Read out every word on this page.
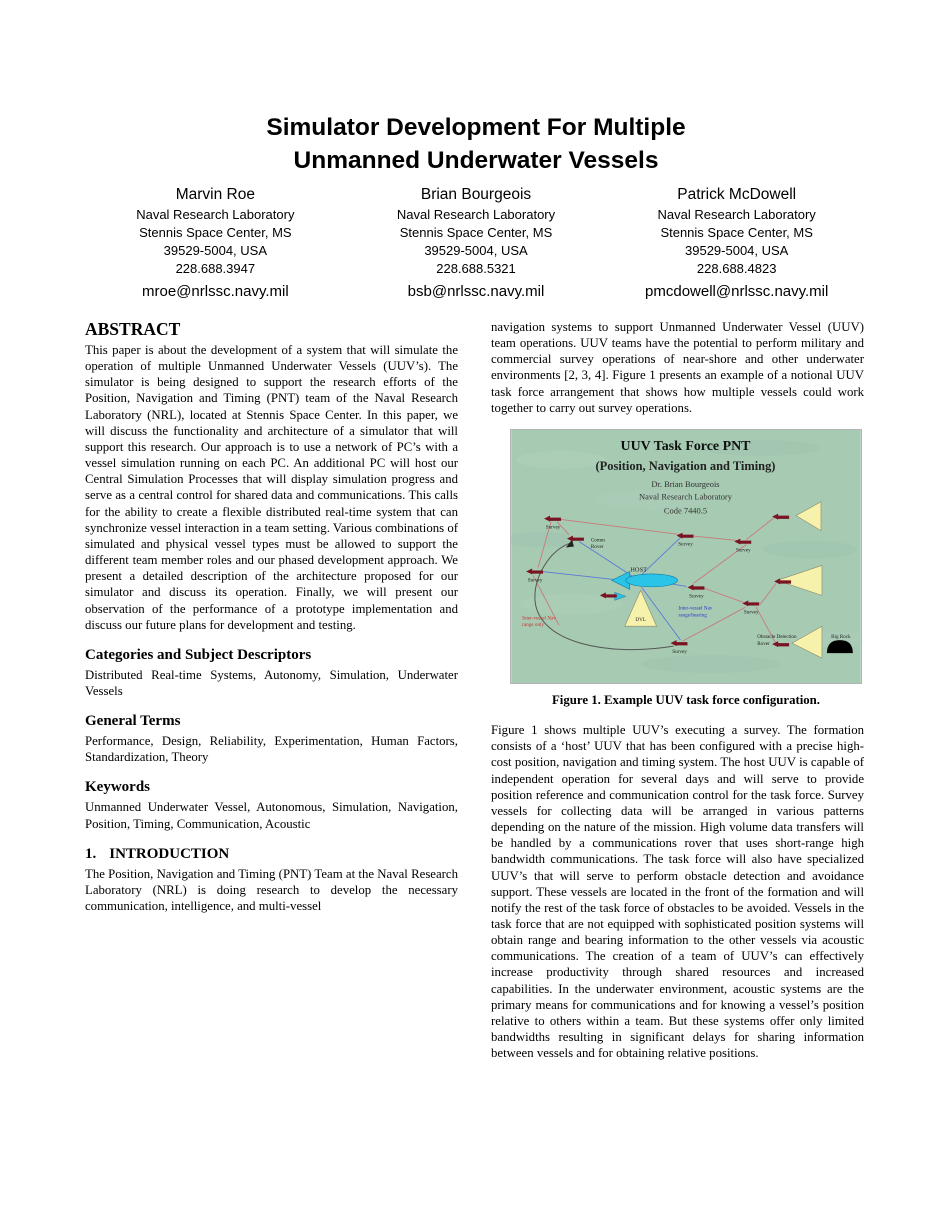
Simulator Development For Multiple
Unmanned Underwater Vessels
Marvin Roe
Naval Research Laboratory
Stennis Space Center, MS
39529-5004, USA
228.688.3947
mroe@nrlssc.navy.mil
Brian Bourgeois
Naval Research Laboratory
Stennis Space Center, MS
39529-5004, USA
228.688.5321
bsb@nrlssc.navy.mil
Patrick McDowell
Naval Research Laboratory
Stennis Space Center, MS
39529-5004, USA
228.688.4823
pmcdowell@nrlssc.navy.mil
ABSTRACT

This paper is about the development of a system that will simulate the operation of multiple Unmanned Underwater Vessels (UUV’s). The simulator is being designed to support the research efforts of the Position, Navigation and Timing (PNT) team of the Naval Research Laboratory (NRL), located at Stennis Space Center. In this paper, we will discuss the functionality and architecture of a simulator that will support this research. Our approach is to use a network of PC’s with a vessel simulation running on each PC. An additional PC will host our Central Simulation Processes that will display simulation progress and serve as a central control for shared data and communications. This calls for the ability to create a flexible distributed real-time system that can synchronize vessel interaction in a team setting. Various combinations of simulated and physical vessel types must be allowed to support the different team member roles and our phased development approach. We present a detailed description of the architecture proposed for our simulator and discuss its operation. Finally, we will present our observation of the performance of a prototype implementation and discuss our future plans for development and testing.

Categories and Subject Descriptors

Distributed Real-time Systems, Autonomy, Simulation, Underwater Vessels

General Terms

Performance, Design, Reliability, Experimentation, Human Factors, Standardization, Theory

Keywords

Unmanned Underwater Vessel, Autonomous, Simulation, Navigation, Position, Timing, Communication, Acoustic

1. INTRODUCTION

The Position, Navigation and Timing (PNT) Team at the Naval Research Laboratory (NRL) is doing research to develop the necessary communication, intelligence, and multi-vessel

navigation systems to support Unmanned Underwater Vessel (UUV) team operations. UUV teams have the potential to perform military and commercial survey operations of near-shore and other underwater environments [2, 3, 4]. Figure 1 presents an example of a notional UUV task force arrangement that shows how multiple vessels could work together to carry out survey operations.

UUV Task Force PNT
(Position, Navigation and Timing)
Dr. Brian Bourgeois
Naval Research Laboratory
Code 7440.5
DVL
HOST
Survey
Survey
Survey
Survey
Survey
Survey
Survey
Comm
Rover
Obstacle Detection
Rover
Big Rock
Inter-vessel Nav
range only
Inter-vessel Nav
range/bearing
Figure 1. Example UUV task force configuration.

Figure 1 shows multiple UUV’s executing a survey. The formation consists of a ‘host’ UUV that has been configured with a precise high-cost position, navigation and timing system. The host UUV is capable of independent operation for several days and will serve to provide position reference and communication control for the task force. Survey vessels for collecting data will be arranged in various patterns depending on the nature of the mission. High volume data transfers will be handled by a communications rover that uses short-range high bandwidth communications. The task force will also have specialized UUV’s that will serve to perform obstacle detection and avoidance support. These vessels are located in the front of the formation and will notify the rest of the task force of obstacles to be avoided. Vessels in the task force that are not equipped with sophisticated position systems will obtain range and bearing information to the other vessels via acoustic communications. The creation of a team of UUV’s can effectively increase productivity through shared resources and increased capabilities. In the underwater environment, acoustic systems are the primary means for communications and for knowing a vessel’s position relative to others within a team. But these systems offer only limited bandwidths resulting in significant delays for sharing information between vessels and for obtaining relative positions.
